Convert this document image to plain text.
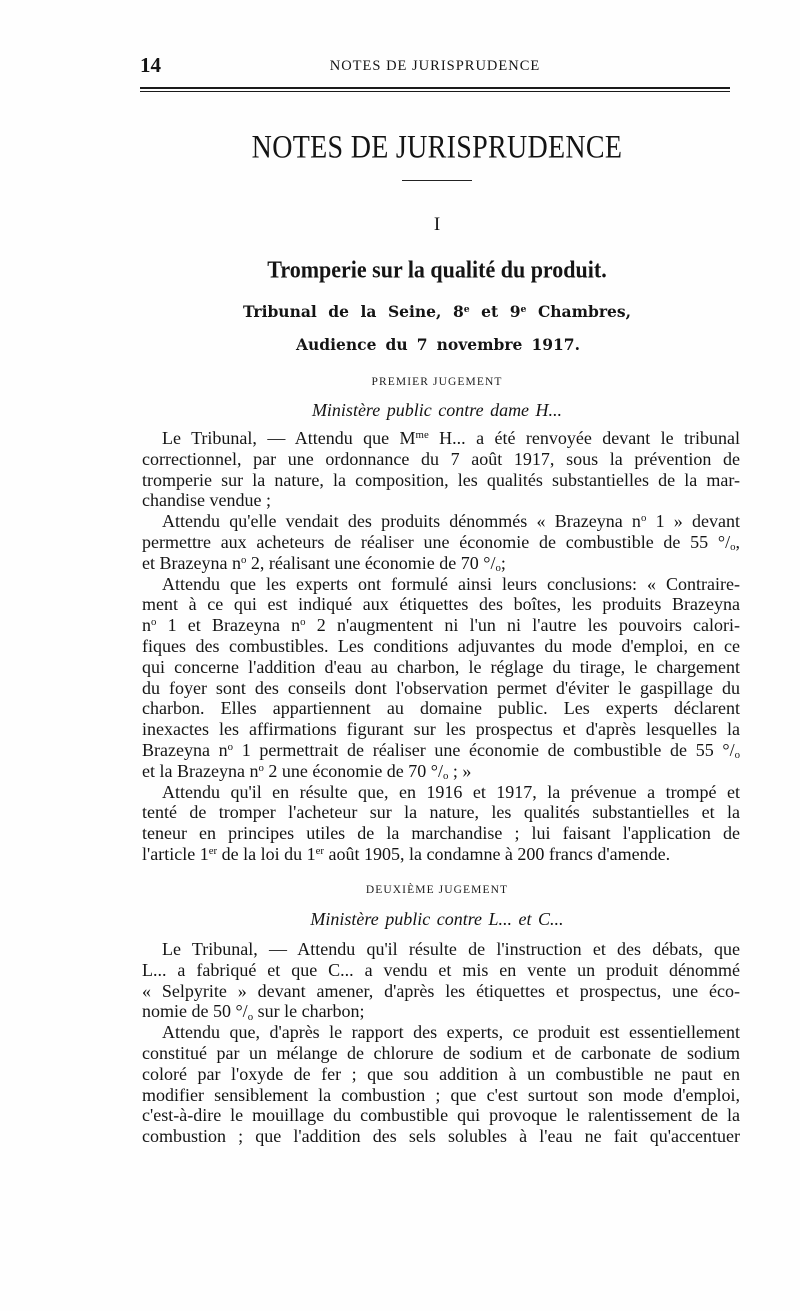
14	NOTES DE JURISPRUDENCE
NOTES DE JURISPRUDENCE
I
Tromperie sur la qualité du produit.
Tribunal de la Seine, 8e et 9e Chambres,
Audience du 7 novembre 1917.
PREMIER JUGEMENT
Ministère public contre dame H...
Le Tribunal, — Attendu que $M^{me}$ H... a été renvoyée devant le tribunal
correctionnel, par une ordonnance du 7 août 1917, sous la prévention de
tromperie sur la nature, la composition, les qualités substantielles de la mar-
chandise vendue ;
Attendu qu'elle vendait des produits dénommés « Brazeyna $n^o$ 1 » devant
permettre aux acheteurs de réaliser une économie de combustible de 55 $^\circ/_o$,
et Brazeyna $n^o$ 2, réalisant une économie de 70 $^\circ/_o$;
Attendu que les experts ont formulé ainsi leurs conclusions: « Contraire-
ment à ce qui est indiqué aux étiquettes des boîtes, les produits Brazeyna
$n^o$ 1 et Brazeyna $n^o$ 2 n'augmentent ni l'un ni l'autre les pouvoirs calori-
fiques des combustibles. Les conditions adjuvantes du mode d'emploi, en ce
qui concerne l'addition d'eau au charbon, le réglage du tirage, le chargement
du foyer sont des conseils dont l'observation permet d'éviter le gaspillage du
charbon. Elles appartiennent au domaine public. Les experts déclarent
inexactes les affirmations figurant sur les prospectus et d'après lesquelles la
Brazeyna $n^o$ 1 permettrait de réaliser une économie de combustible de 55 $^\circ/_o$
et la Brazeyna $n^o$ 2 une économie de 70 $^\circ/_o$ ; »
Attendu qu'il en résulte que, en 1916 et 1917, la prévenue a trompé et
tenté de tromper l'acheteur sur la nature, les qualités substantielles et la
teneur en principes utiles de la marchandise ; lui faisant l'application de
l'article 1er de la loi du 1er août 1905, la condamne à 200 francs d'amende.
DEUXIÈME JUGEMENT
Ministère public contre L... et C...
Le Tribunal, — Attendu qu'il résulte de l'instruction et des débats, que
L... a fabriqué et que C... a vendu et mis en vente un produit dénommé
« Selpyrite » devant amener, d'après les étiquettes et prospectus, une éco-
nomie de 50 $^\circ/_o$ sur le charbon;
Attendu que, d'après le rapport des experts, ce produit est essentiellement
constitué par un mélange de chlorure de sodium et de carbonate de sodium
coloré par l'oxyde de fer ; que sou addition à un combustible ne paut en
modifier sensiblement la combustion ; que c'est surtout son mode d'emploi,
c'est-à-dire le mouillage du combustible qui provoque le ralentissement de la
combustion ; que l'addition des sels solubles à l'eau ne fait qu'accentuer
